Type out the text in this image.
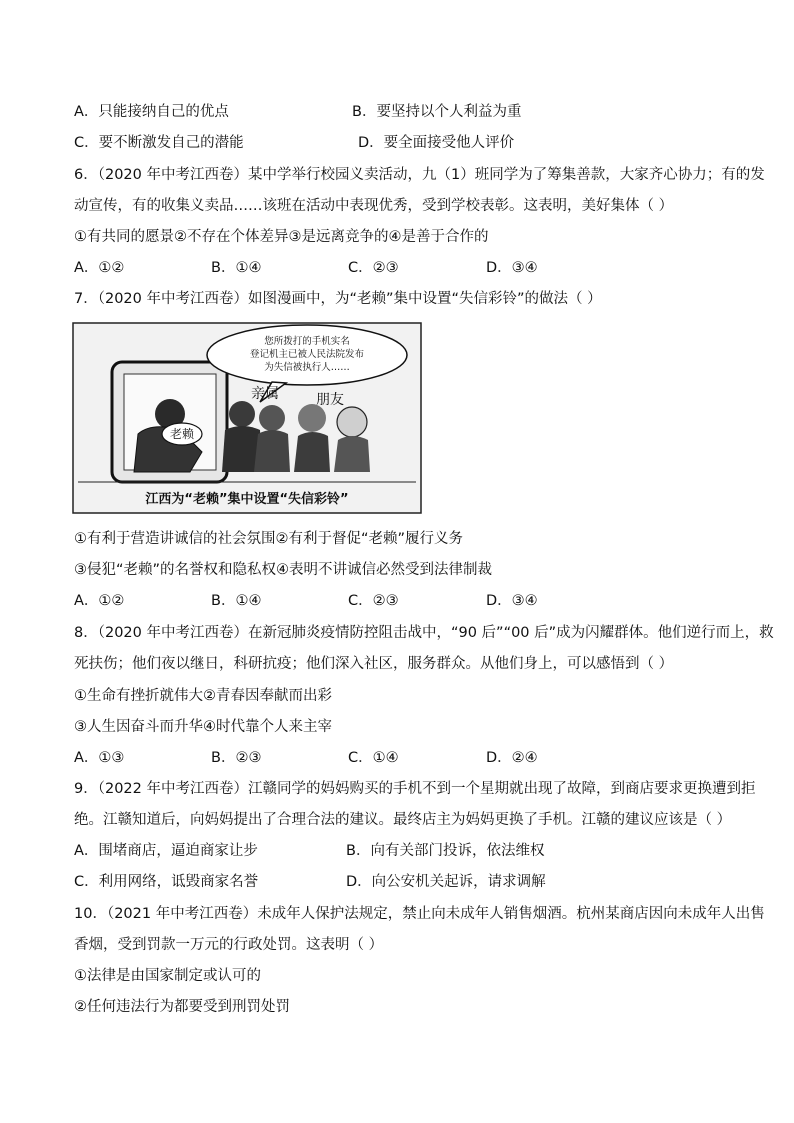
A．只能接纳自己的优点	B．要坚持以个人利益为重
C．要不断激发自己的潜能	D．要全面接受他人评价
6．（2020 年中考江西卷）某中学举行校园义卖活动，九（1）班同学为了筹集善款，大家齐心协力；有的发
动宣传，有的收集义卖品……该班在活动中表现优秀，受到学校表彰。这表明，美好集体（ ）
①有共同的愿景②不存在个体差异③是远离竞争的④是善于合作的
A．①②	B．①④	C．②③	D．③④
7．（2020 年中考江西卷）如图漫画中，为“老赖”集中设置“失信彩铃”的做法（ ）
您所拨打的手机实名
登记机主已被人民法院发布
为失信被执行人……
老赖
亲属	朋友
江西为“老赖”集中设置“失信彩铃”
①有利于营造讲诚信的社会氛围②有利于督促“老赖”履行义务
③侵犯“老赖”的名誉权和隐私权④表明不讲诚信必然受到法律制裁
A．①②	B．①④	C．②③	D．③④
8．（2020 年中考江西卷）在新冠肺炎疫情防控阻击战中，“90 后”“00 后”成为闪耀群体。他们逆行而上，救
死扶伤；他们夜以继日，科研抗疫；他们深入社区，服务群众。从他们身上，可以感悟到（ ）
①生命有挫折就伟大②青春因奉献而出彩
③人生因奋斗而升华④时代靠个人来主宰
A．①③	B．②③	C．①④	D．②④
9．（2022 年中考江西卷）江赣同学的妈妈购买的手机不到一个星期就出现了故障，到商店要求更换遭到拒
绝。江赣知道后，向妈妈提出了合理合法的建议。最终店主为妈妈更换了手机。江赣的建议应该是（ ）
A．围堵商店，逼迫商家让步	B．向有关部门投诉，依法维权
C．利用网络，诋毁商家名誉	D．向公安机关起诉，请求调解
10．（2021 年中考江西卷）未成年人保护法规定，禁止向未成年人销售烟酒。杭州某商店因向未成年人出售
香烟，受到罚款一万元的行政处罚。这表明（ ）
①法律是由国家制定或认可的
②任何违法行为都要受到刑罚处罚
